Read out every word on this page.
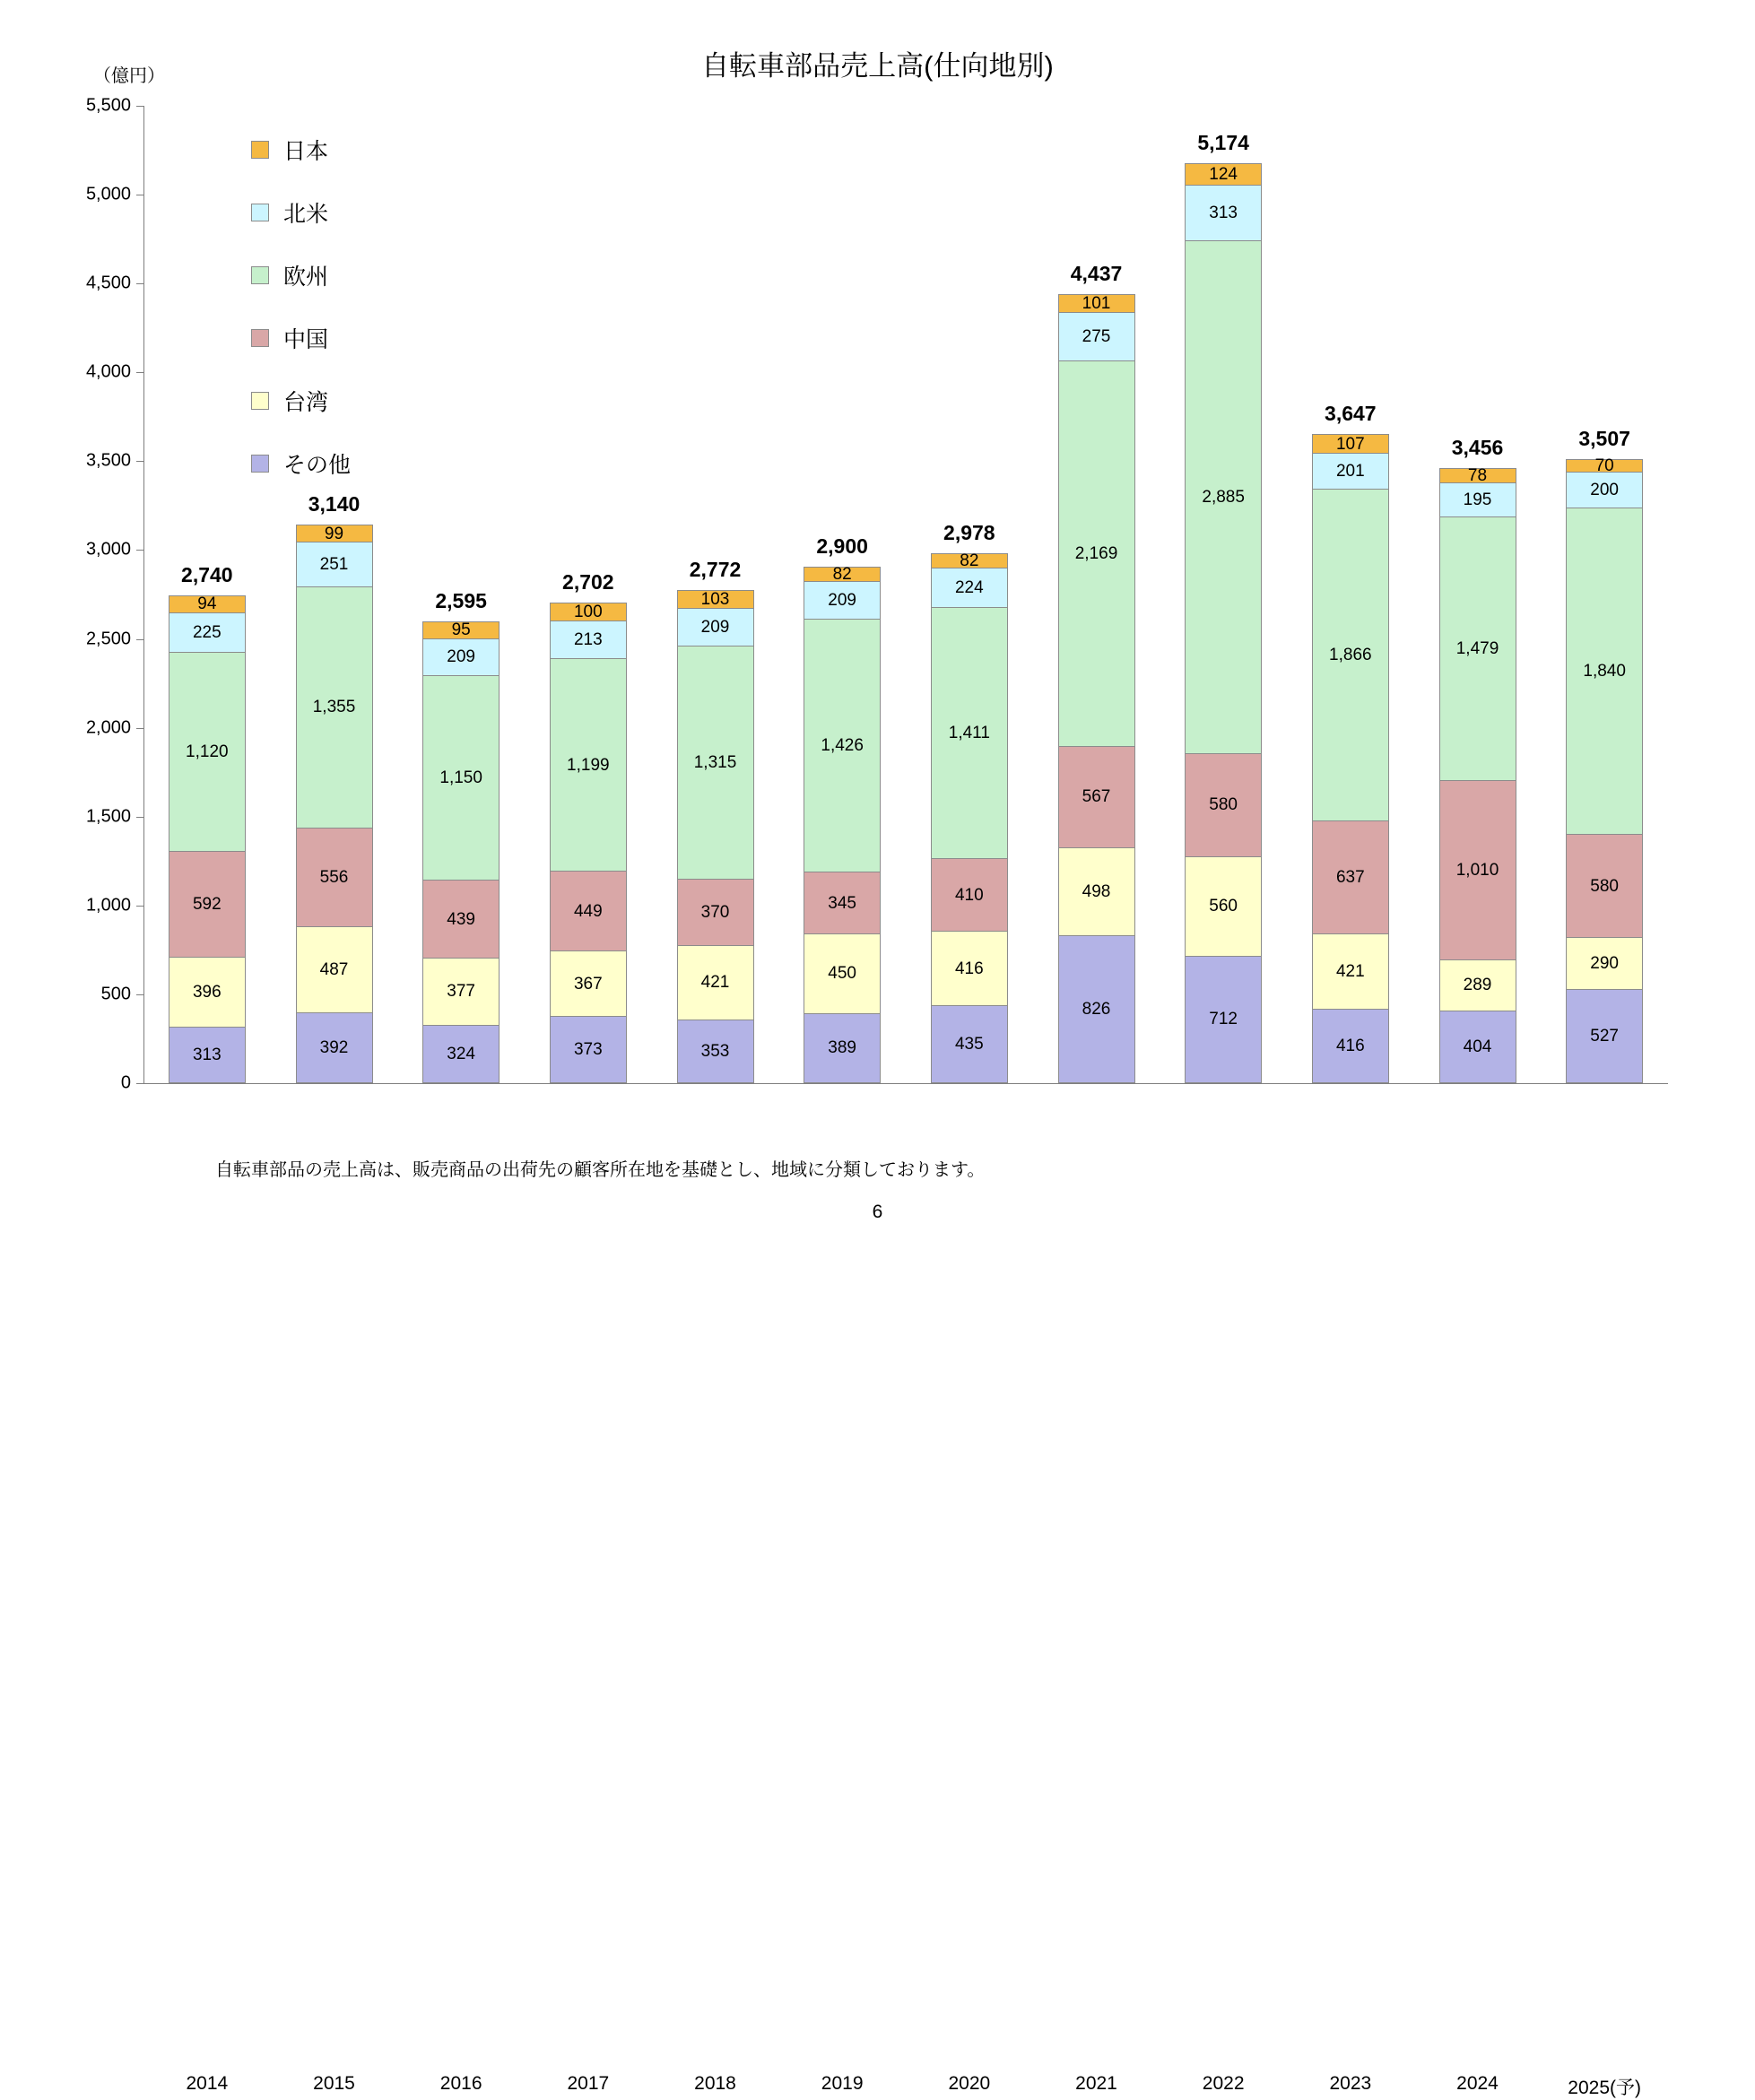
自転車部品売上高(仕向地別)
（億円）
0
500
1,000
1,500
2,000
2,500
3,000
3,500
4,000
4,500
5,000
5,500
313
396
592
1,120
225
94
2,740
2014
392
487
556
1,355
251
99
3,140
2015
324
377
439
1,150
209
95
2,595
2016
373
367
449
1,199
213
100
2,702
2017
353
421
370
1,315
209
103
2,772
2018
389
450
345
1,426
209
82
2,900
2019
435
416
410
1,411
224
82
2,978
2020
826
498
567
2,169
275
101
4,437
2021
712
560
580
2,885
313
124
5,174
2022
416
421
637
1,866
201
107
3,647
2023
404
289
1,010
1,479
195
78
3,456
2024
527
290
580
1,840
200
70
3,507
2025(予)
日本
北米
欧州
中国
台湾
その他
自転車部品の売上高は、販売商品の出荷先の顧客所在地を基礎とし、地域に分類しております。
6
